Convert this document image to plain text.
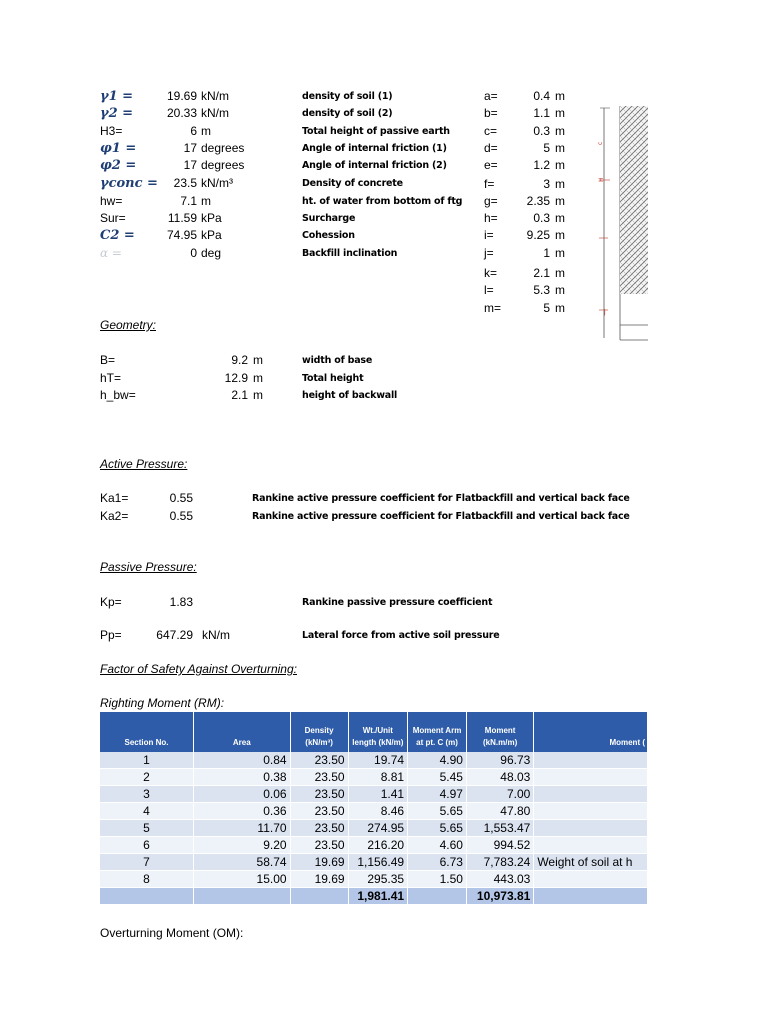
γ1 =	19.69 kN/m	density of soil (1)
γ2 =	20.33 kN/m	density of soil (2)
H3=	6 m	Total height of passive earth
φ1 =	17 degrees	Angle of internal friction (1)
φ2 =	17 degrees	Angle of internal friction (2)
γconc =	23.5 kN/m³	Density of concrete
hw=	7.1 m	ht. of water from bottom of ftg
Sur=	11.59 kPa	Surcharge
C2 =	74.95 kPa	Cohession
α =	0 deg	Backfill inclination
a=	0.4 m
b=	1.1 m
c=	0.3 m
d=	5 m
e=	1.2 m
f=	3 m
g=	2.35 m
h=	0.3 m
i=	9.25 m
j=	1 m
k=	2.1 m
l=	5.3 m
m=	5 m
c
H
j
Geometry:
B=	9.2 m	width of base
hT=	12.9 m	Total height
h_bw=	2.1 m	height of backwall
Active Pressure:
Ka1=	0.55	Rankine active pressure coefficient for Flatbackfill and vertical back face
Ka2=	0.55	Rankine active pressure coefficient for Flatbackfill and vertical back face
Passive Pressure:
Kp=	1.83	Rankine passive pressure coefficient
Pp=	647.29 kN/m	Lateral force from active soil pressure
Factor of Safety Against Overturning:
Righting Moment (RM):
Section No.	Area	Density (kN/m³)	Wt./Unit length (kN/m)	Moment Arm at pt. C (m)	Moment (kN.m/m)	Moment (
1	0.84	23.50	19.74	4.90	96.73	
2	0.38	23.50	8.81	5.45	48.03	
3	0.06	23.50	1.41	4.97	7.00	
4	0.36	23.50	8.46	5.65	47.80	
5	11.70	23.50	274.95	5.65	1,553.47	
6	9.20	23.50	216.20	4.60	994.52	
7	58.74	19.69	1,156.49	6.73	7,783.24	Weight of soil at h
8	15.00	19.69	295.35	1.50	443.03	
			1,981.41		10,973.81	
Overturning Moment (OM):
